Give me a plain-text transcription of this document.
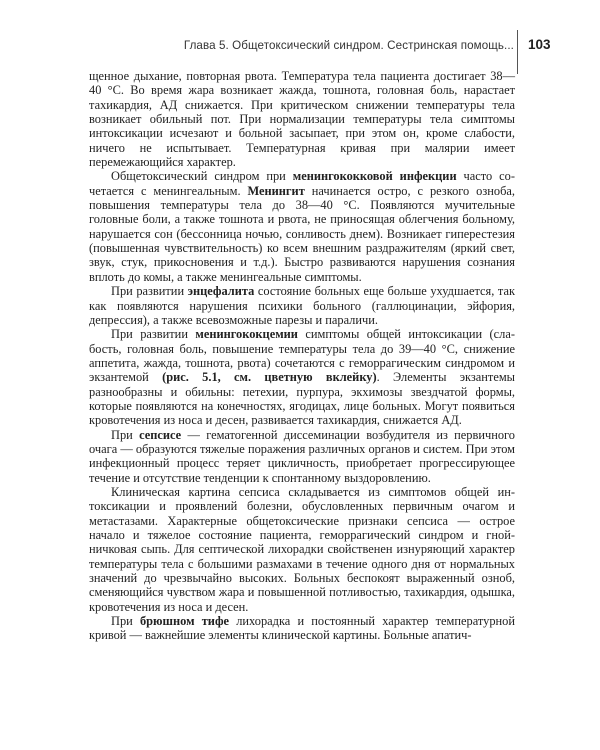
Глава 5. Общетоксический синдром. Сестринская помощь... 103

щенное дыхание, повторная рвота. Температура тела пациента достигает 38—40 °С. Во время жара возникает жажда, тошнота, головная боль, нарастает тахикардия, АД снижается. При критическом снижении температуры тела возникает обильный пот. При нормализации температуры тела симптомы интоксикации исчезают и больной засыпает, при этом он, кроме слабости, ничего не испытывает. Температурная кривая при малярии имеет перемежающийся характер.

Общетоксический синдром при менингококковой инфекции часто сочетается с менингеальным. Менингит начинается остро, с резкого озноба, повышения температуры тела до 38—40 °С. Появляются мучительные головные боли, а также тошнота и рвота, не приносящая облегчения больному, нарушается сон (бессонница ночью, сонливость днем). Возникает гиперестезия (повышенная чувствительность) ко всем внешним раздражителям (яркий свет, звук, стук, прикосновения и т.д.). Быстро развиваются нарушения сознания вплоть до комы, а также менингеальные симптомы.

При развитии энцефалита состояние больных еще больше ухудшается, так как появляются нарушения психики больного (галлюцинации, эйфория, депрессия), а также всевозможные парезы и параличи.

При развитии менингококцемии симптомы общей интоксикации (слабость, головная боль, повышение температуры тела до 39—40 °С, снижение аппетита, жажда, тошнота, рвота) сочетаются с геморрагическим синдромом и экзантемой (рис. 5.1, см. цветную вклейку). Элементы экзантемы разнообразны и обильны: петехии, пурпура, экхимозы звездчатой формы, которые появляются на конечностях, ягодицах, лице больных. Могут появиться кровотечения из носа и десен, развивается тахикардия, снижается АД.

При сепсисе — гематогенной диссеминации возбудителя из первичного очага — образуются тяжелые поражения различных органов и систем. При этом инфекционный процесс теряет цикличность, приобретает прогрессирующее течение и отсутствие тенденции к спонтанному выздоровлению.

Клиническая картина сепсиса складывается из симптомов общей интоксикации и проявлений болезни, обусловленных первичным очагом и метастазами. Характерные общетоксические признаки сепсиса — острое начало и тяжелое состояние пациента, геморрагический синдром и гнойничковая сыпь. Для септической лихорадки свойственен изнуряющий характер температуры тела с большими размахами в течение одного дня от нормальных значений до чрезвычайно высоких. Больных беспокоят выраженный озноб, сменяющийся чувством жара и повышенной потливостью, тахикардия, одышка, кровотечения из носа и десен.

При брюшном тифе лихорадка и постоянный характер температурной кривой — важнейшие элементы клинической картины. Больные апатич-
